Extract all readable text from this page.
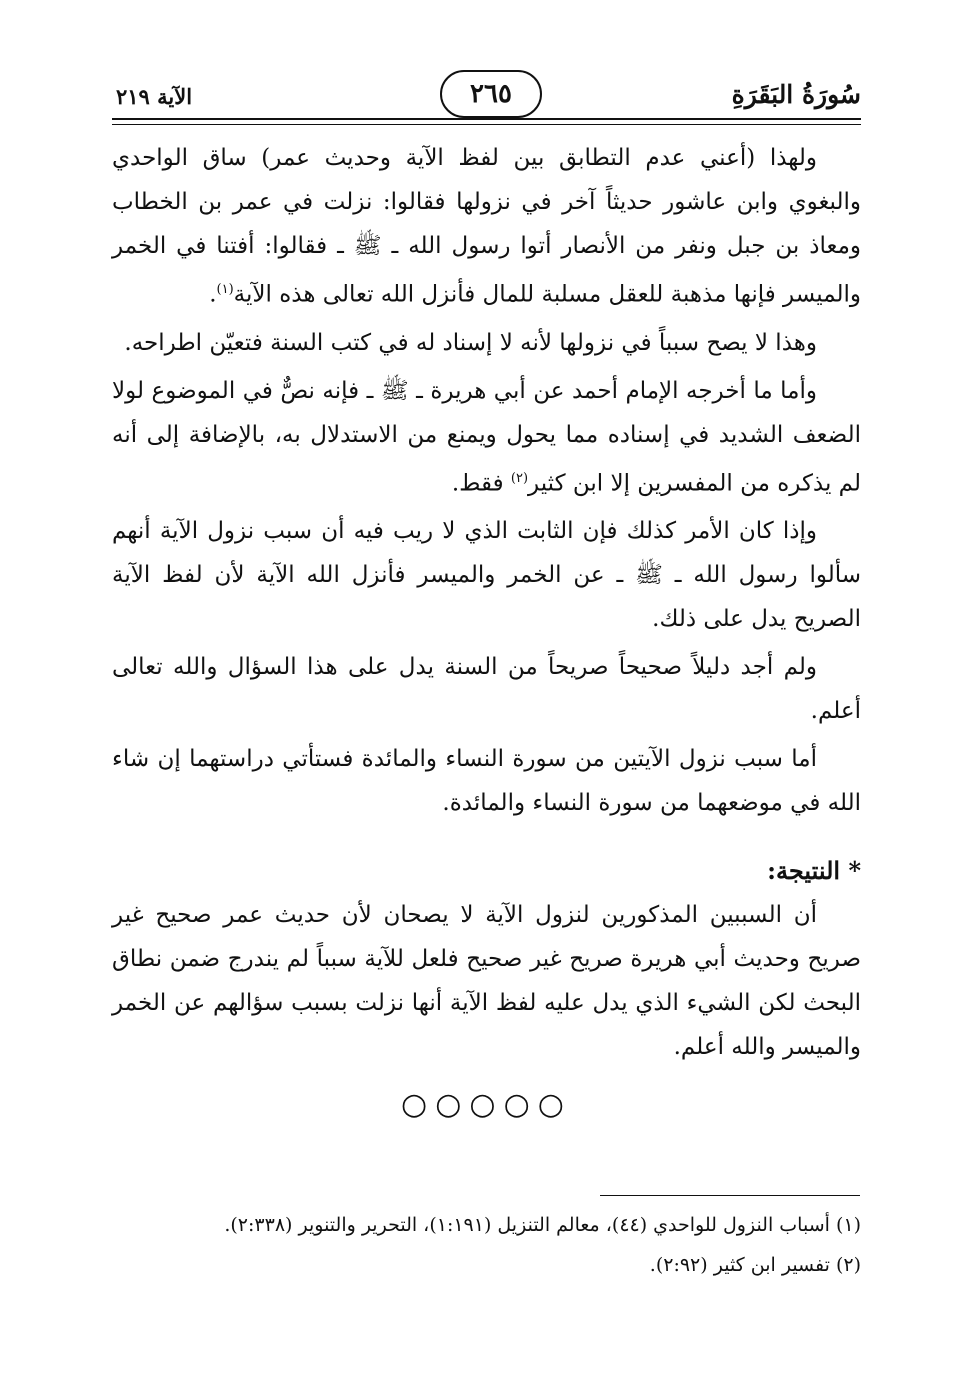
سُورَةُ البَقَرَةِ
٢٦٥
الآية ٢١٩

ولهذا (أعني عدم التطابق بين لفظ الآية وحديث عمر) ساق الواحدي والبغوي وابن عاشور حديثاً آخر في نزولها فقالوا: نزلت في عمر بن الخطاب ومعاذ بن جبل ونفر من الأنصار أتوا رسول الله ـ ﷺ ـ فقالوا: أفتنا في الخمر والميسر فإنها مذهبة للعقل مسلبة للمال فأنزل الله تعالى هذه الآية$^{(١)}$.

وهذا لا يصح سبباً في نزولها لأنه لا إسناد له في كتب السنة فتعيّن اطراحه.

وأما ما أخرجه الإمام أحمد عن أبي هريرة ـ ﷺ ـ فإنه نصٌّ في الموضوع لولا الضعف الشديد في إسناده مما يحول ويمنع من الاستدلال به، بالإضافة إلى أنه لم يذكره من المفسرين إلا ابن كثير$^{(٢)}$ فقط.

وإذا كان الأمر كذلك فإن الثابت الذي لا ريب فيه أن سبب نزول الآية أنهم سألوا رسول الله ـ ﷺ ـ عن الخمر والميسر فأنزل الله الآية لأن لفظ الآية الصريح يدل على ذلك.

ولم أجد دليلاً صحيحاً صريحاً من السنة يدل على هذا السؤال والله تعالى أعلم.

أما سبب نزول الآيتين من سورة النساء والمائدة فستأتي دراستهما إن شاء الله في موضعهما من سورة النساء والمائدة.

* النتيجة:

أن السببين المذكورين لنزول الآية لا يصحان لأن حديث عمر صحيح غير صريح وحديث أبي هريرة صريح غير صحيح فلعل للآية سبباً لم يندرج ضمن نطاق البحث لكن الشيء الذي يدل عليه لفظ الآية أنها نزلت بسبب سؤالهم عن الخمر والميسر والله أعلم.

○○○○○
(١) أسباب النزول للواحدي (٤٤)، معالم التنزيل (١:١٩١)، التحرير والتنوير (٢:٣٣٨).
(٢) تفسير ابن كثير (٢:٩٢).
